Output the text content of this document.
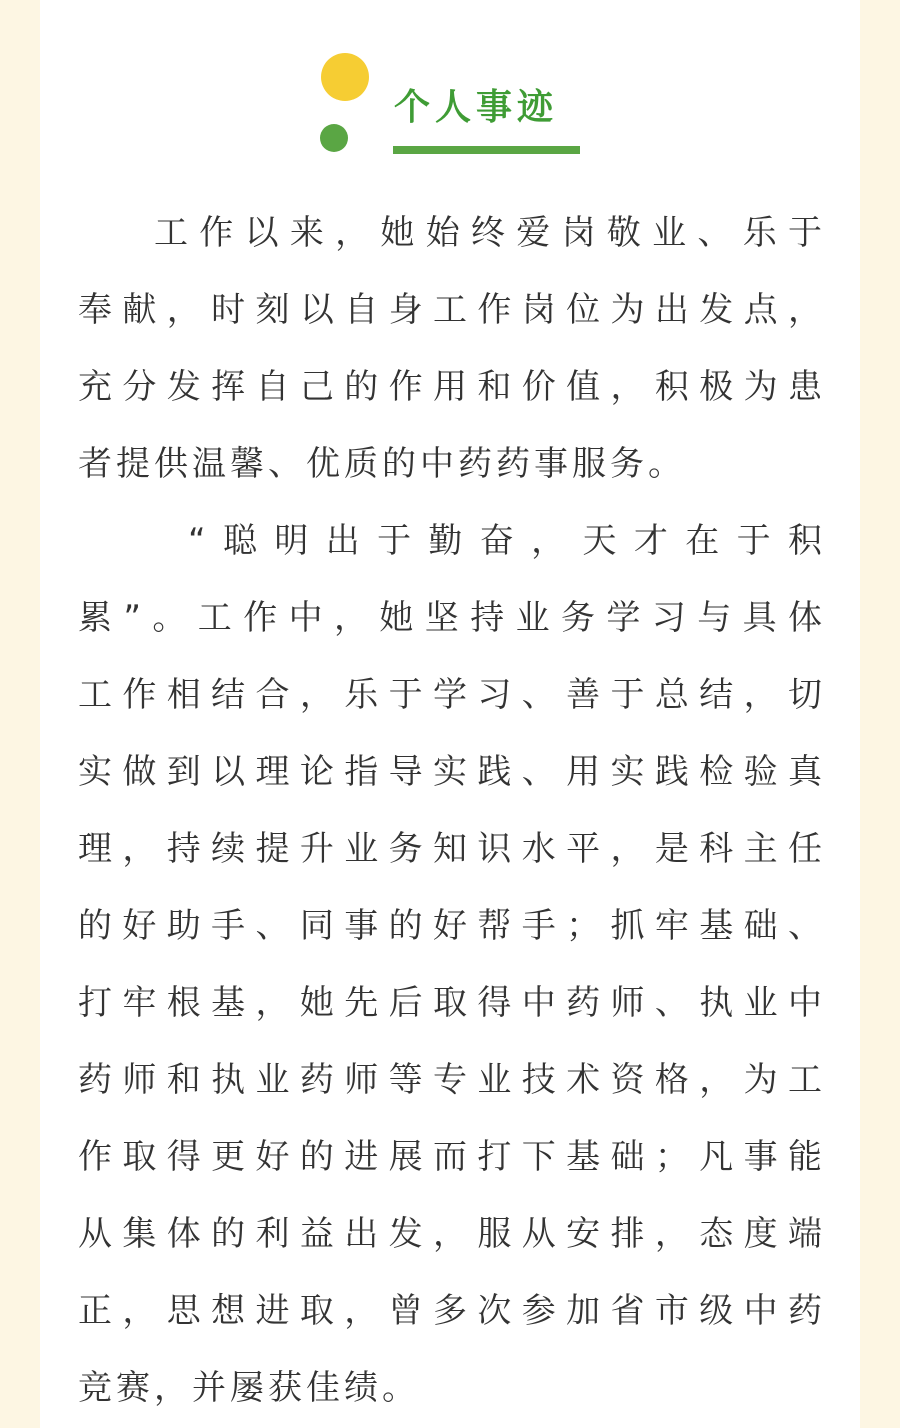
个人事迹
工作以来，她始终爱岗敬业、乐于
奉献，时刻以自身工作岗位为出发点，
充分发挥自己的作用和价值，积极为患
者提供温馨、优质的中药药事服务。
“聪明出于勤奋，天才在于积
累”。工作中，她坚持业务学习与具体
工作相结合，乐于学习、善于总结，切
实做到以理论指导实践、用实践检验真
理，持续提升业务知识水平，是科主任
的好助手、同事的好帮手；抓牢基础、
打牢根基，她先后取得中药师、执业中
药师和执业药师等专业技术资格，为工
作取得更好的进展而打下基础；凡事能
从集体的利益出发，服从安排，态度端
正，思想进取，曾多次参加省市级中药
竞赛，并屡获佳绩。
